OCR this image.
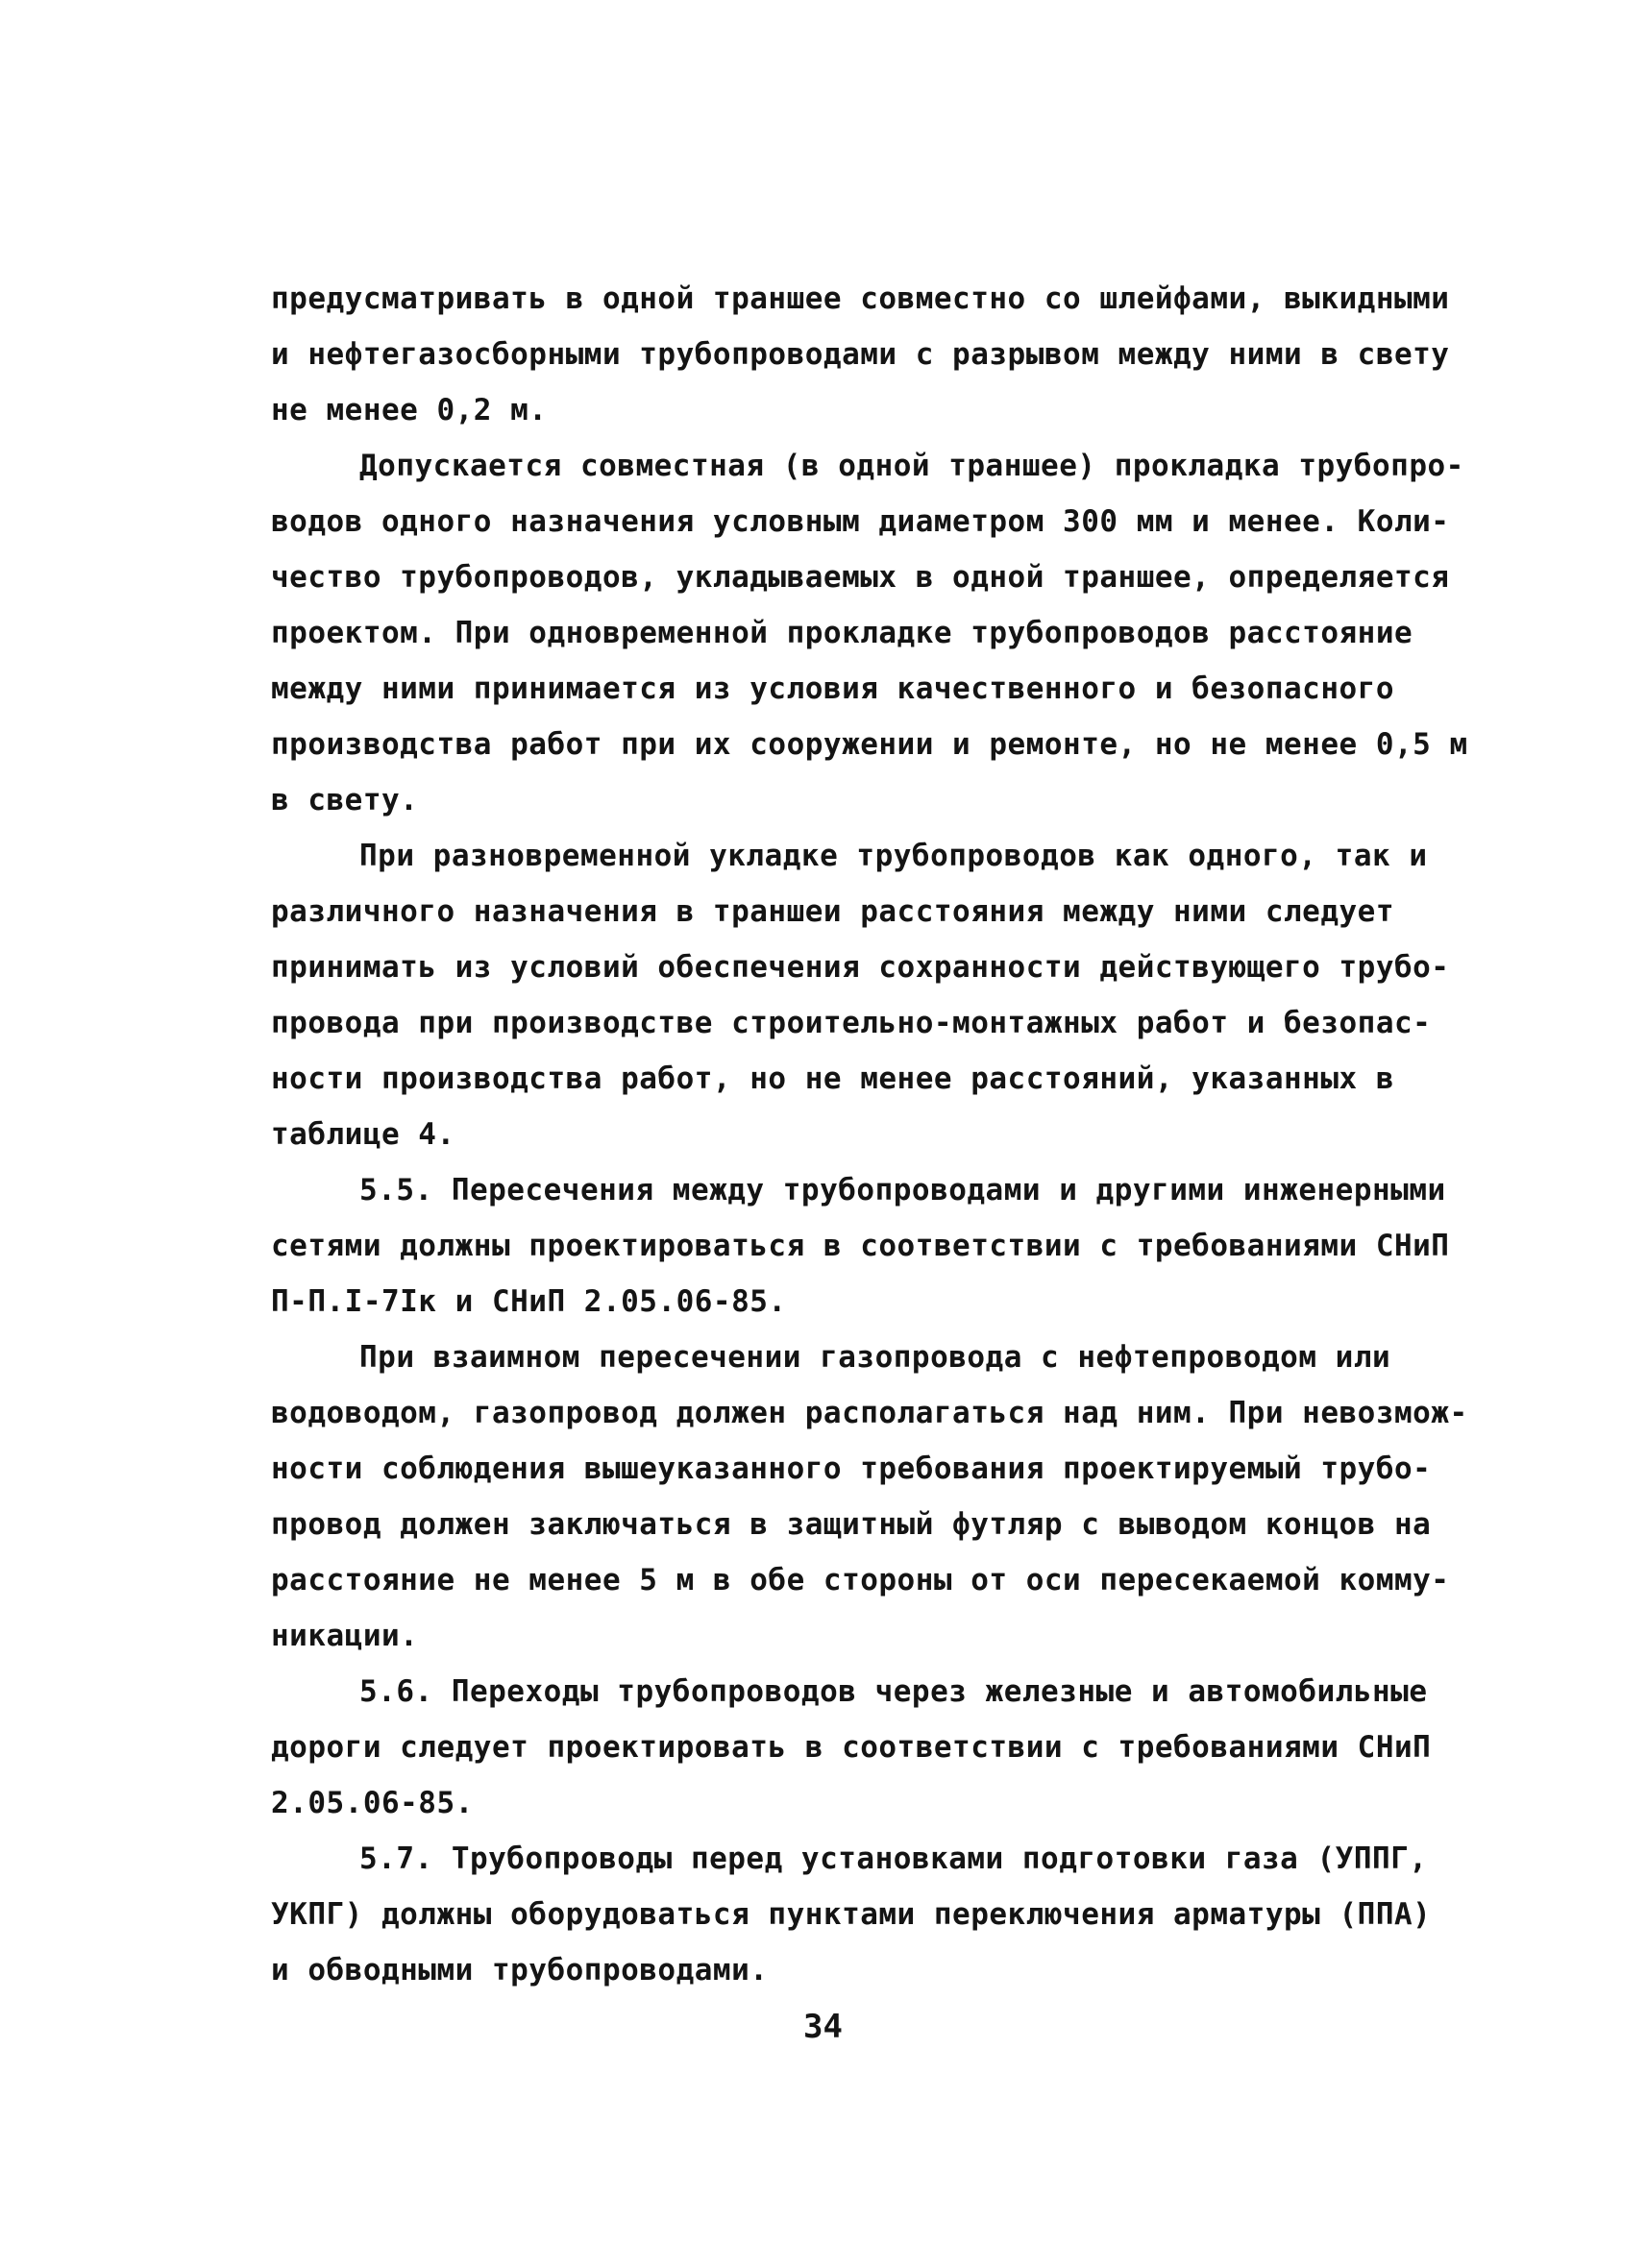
предусматривать в одной траншее совместно со шлейфами, выкидными
и нефтегазосборными трубопроводами с разрывом между ними в свету
не менее 0,2 м.
Допускается совместная (в одной траншее) прокладка трубопро-
водов одного назначения условным диаметром 300 мм и менее. Коли-
чество трубопроводов, укладываемых в одной траншее, определяется
проектом. При одновременной прокладке трубопроводов расстояние
между ними принимается из условия качественного и безопасного
производства работ при их сооружении и ремонте, но не менее 0,5 м
в свету.
При разновременной укладке трубопроводов как одного, так и
различного назначения в траншеи расстояния между ними следует
принимать из условий обеспечения сохранности действующего трубо-
провода при производстве строительно-монтажных работ и безопас-
ности производства работ, но не менее расстояний, указанных в
таблице 4.
5.5. Пересечения между трубопроводами и другими инженерными
сетями должны проектироваться в соответствии с требованиями СНиП
П-П.I-7Iк и СНиП 2.05.06-85.
При взаимном пересечении газопровода с нефтепроводом или
водоводом, газопровод должен располагаться над ним. При невозмож-
ности соблюдения вышеуказанного требования проектируемый трубо-
провод должен заключаться в защитный футляр с выводом концов на
расстояние не менее 5 м в обе стороны от оси пересекаемой комму-
никации.
5.6. Переходы трубопроводов через железные и автомобильные
дороги следует проектировать в соответствии с требованиями СНиП
2.05.06-85.
5.7. Трубопроводы перед установками подготовки газа (УППГ,
УКПГ) должны оборудоваться пунктами переключения арматуры (ППА)
и обводными трубопроводами.
34
